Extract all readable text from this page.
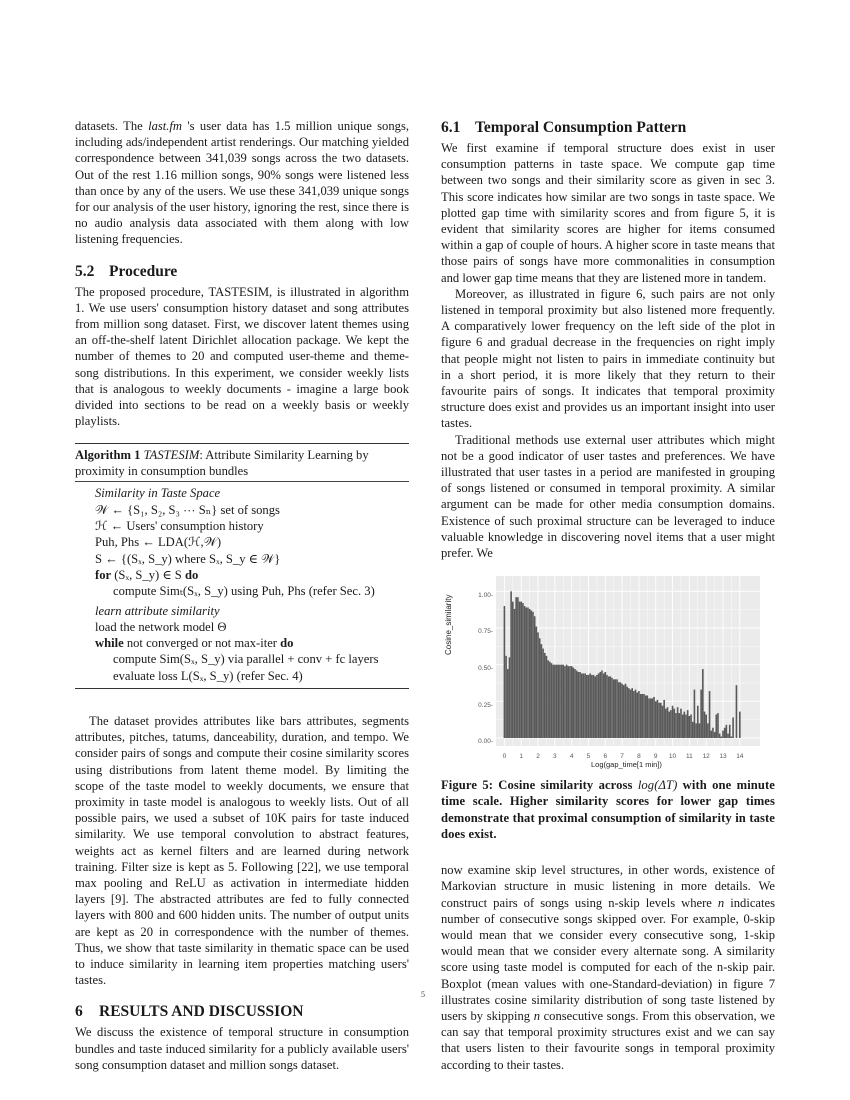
datasets. The last.fm 's user data has 1.5 million unique songs, including ads/independent artist renderings. Our matching yielded correspondence between 341,039 songs across the two datasets. Out of the rest 1.16 million songs, 90% songs were listened less than once by any of the users. We use these 341,039 unique songs for our analysis of the user history, ignoring the rest, since there is no audio analysis data associated with them along with low listening frequencies.

5.2 Procedure

The proposed procedure, TASTESIM, is illustrated in algorithm 1. We use users' consumption history dataset and song attributes from million song dataset. First, we discover latent themes using an off-the-shelf latent Dirichlet allocation package. We kept the number of themes to 20 and computed user-theme and theme-song distributions. In this experiment, we consider weekly lists that is analogous to weekly documents - imagine a large book divided into sections to be read on a weekly basis or weekly playlists.

Algorithm 1 TASTESIM: Attribute Similarity Learning by proximity in consumption bundles
Similarity in Taste Space
𝒲 ← {S₁, S₂, S₃ ⋯ Sₙ} set of songs
ℋ ← Users' consumption history
Puh, Phs ← LDA(ℋ,𝒲)
S ← {(Sₓ, S_y) where Sₓ, S_y ∈ 𝒲}
for (Sₓ, S_y) ∈ S do
compute Simₜ(Sₓ, S_y) using Puh, Phs (refer Sec. 3)
learn attribute similarity
load the network model Θ
while not converged or not max-iter do
compute Sim(Sₓ, S_y) via parallel + conv + fc layers
evaluate loss L(Sₓ, S_y) (refer Sec. 4)

The dataset provides attributes like bars attributes, segments attributes, pitches, tatums, danceability, duration, and tempo. We consider pairs of songs and compute their cosine similarity scores using distributions from latent theme model. By limiting the scope of the taste model to weekly documents, we ensure that proximity in taste model is analogous to weekly lists. Out of all possible pairs, we used a subset of 10K pairs for taste induced similarity. We use temporal convolution to abstract features, weights act as kernel filters and are learned during network training. Filter size is kept as 5. Following [22], we use temporal max pooling and ReLU as activation in intermediate hidden layers [9]. The abstracted attributes are fed to fully connected layers with 800 and 600 hidden units. The number of output units are kept as 20 in correspondence with the number of themes. Thus, we show that taste similarity in thematic space can be used to induce similarity in learning item properties matching users' tastes.

6 RESULTS AND DISCUSSION

We discuss the existence of temporal structure in consumption bundles and taste induced similarity for a publicly available users' song consumption dataset and million songs dataset.

6.1 Temporal Consumption Pattern

We first examine if temporal structure does exist in user consumption patterns in taste space. We compute gap time between two songs and their similarity score as given in sec 3. This score indicates how similar are two songs in taste space. We plotted gap time with similarity scores and from figure 5, it is evident that similarity scores are higher for items consumed within a gap of couple of hours. A higher score in taste means that those pairs of songs have more commonalities in consumption and lower gap time means that they are listened more in tandem.

Moreover, as illustrated in figure 6, such pairs are not only listened in temporal proximity but also listened more frequently. A comparatively lower frequency on the left side of the plot in figure 6 and gradual decrease in the frequencies on right imply that people might not listen to pairs in immediate continuity but in a short period, it is more likely that they return to their favourite pairs of songs. It indicates that temporal proximity structure does exist and provides us an important insight into user tastes.

Traditional methods use external user attributes which might not be a good indicator of user tastes and preferences. We have illustrated that user tastes in a period are manifested in grouping of songs listened or consumed in temporal proximity. A similar argument can be made for other media consumption domains. Existence of such proximal structure can be leveraged to induce valuable knowledge in discovering novel items that a user might prefer. We

Cosine_similarity
0.00-
0.25-
0.50-
0.75-
1.00-
0 1 2 3 4 5 6 7 8 9 10 11 12 13 14
Log(gap_time[1 min])
Figure 5: Cosine similarity across log(ΔT) with one minute time scale. Higher similarity scores for lower gap times demonstrate that proximal consumption of similarity in taste does exist.

now examine skip level structures, in other words, existence of Markovian structure in music listening in more details. We construct pairs of songs using n-skip levels where n indicates number of consecutive songs skipped over. For example, 0-skip would mean that we consider every consecutive song, 1-skip would mean that we consider every alternate song. A similarity score using taste model is computed for each of the n-skip pair. Boxplot (mean values with one-Standard-deviation) in figure 7 illustrates cosine similarity distribution of song taste listened by users by skipping n consecutive songs. From this observation, we can say that temporal proximity structures exist and we can say that users listen to their favourite songs in temporal proximity according to their tastes.

5
